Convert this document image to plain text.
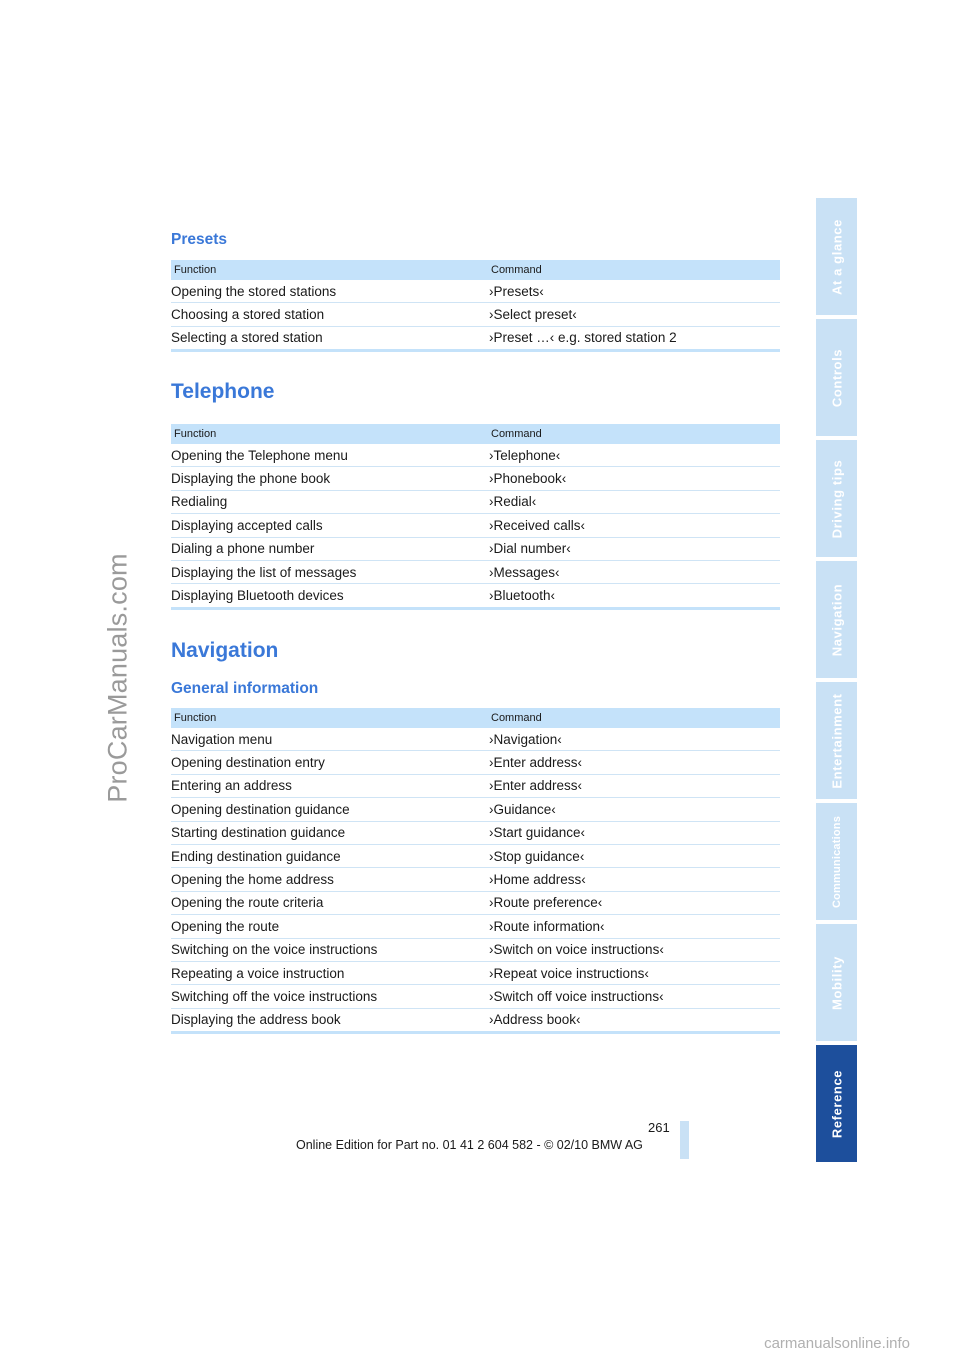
ProCarManuals.com
At a glance
Controls
Driving tips
Navigation
Entertainment
Communications
Mobility
Reference
Presets
Function	Command
Opening the stored stations	›Presets‹
Choosing a stored station	›Select preset‹
Selecting a stored station	›Preset …‹ e.g. stored station 2
Telephone
Function	Command
Opening the Telephone menu	›Telephone‹
Displaying the phone book	›Phonebook‹
Redialing	›Redial‹
Displaying accepted calls	›Received calls‹
Dialing a phone number	›Dial number‹
Displaying the list of messages	›Messages‹
Displaying Bluetooth devices	›Bluetooth‹
Navigation
General information
Function	Command
Navigation menu	›Navigation‹
Opening destination entry	›Enter address‹
Entering an address	›Enter address‹
Opening destination guidance	›Guidance‹
Starting destination guidance	›Start guidance‹
Ending destination guidance	›Stop guidance‹
Opening the home address	›Home address‹
Opening the route criteria	›Route preference‹
Opening the route	›Route information‹
Switching on the voice instructions	›Switch on voice instructions‹
Repeating a voice instruction	›Repeat voice instructions‹
Switching off the voice instructions	›Switch off voice instructions‹
Displaying the address book	›Address book‹
261
Online Edition for Part no. 01 41 2 604 582 - © 02/10 BMW AG
carmanualsonline.info
